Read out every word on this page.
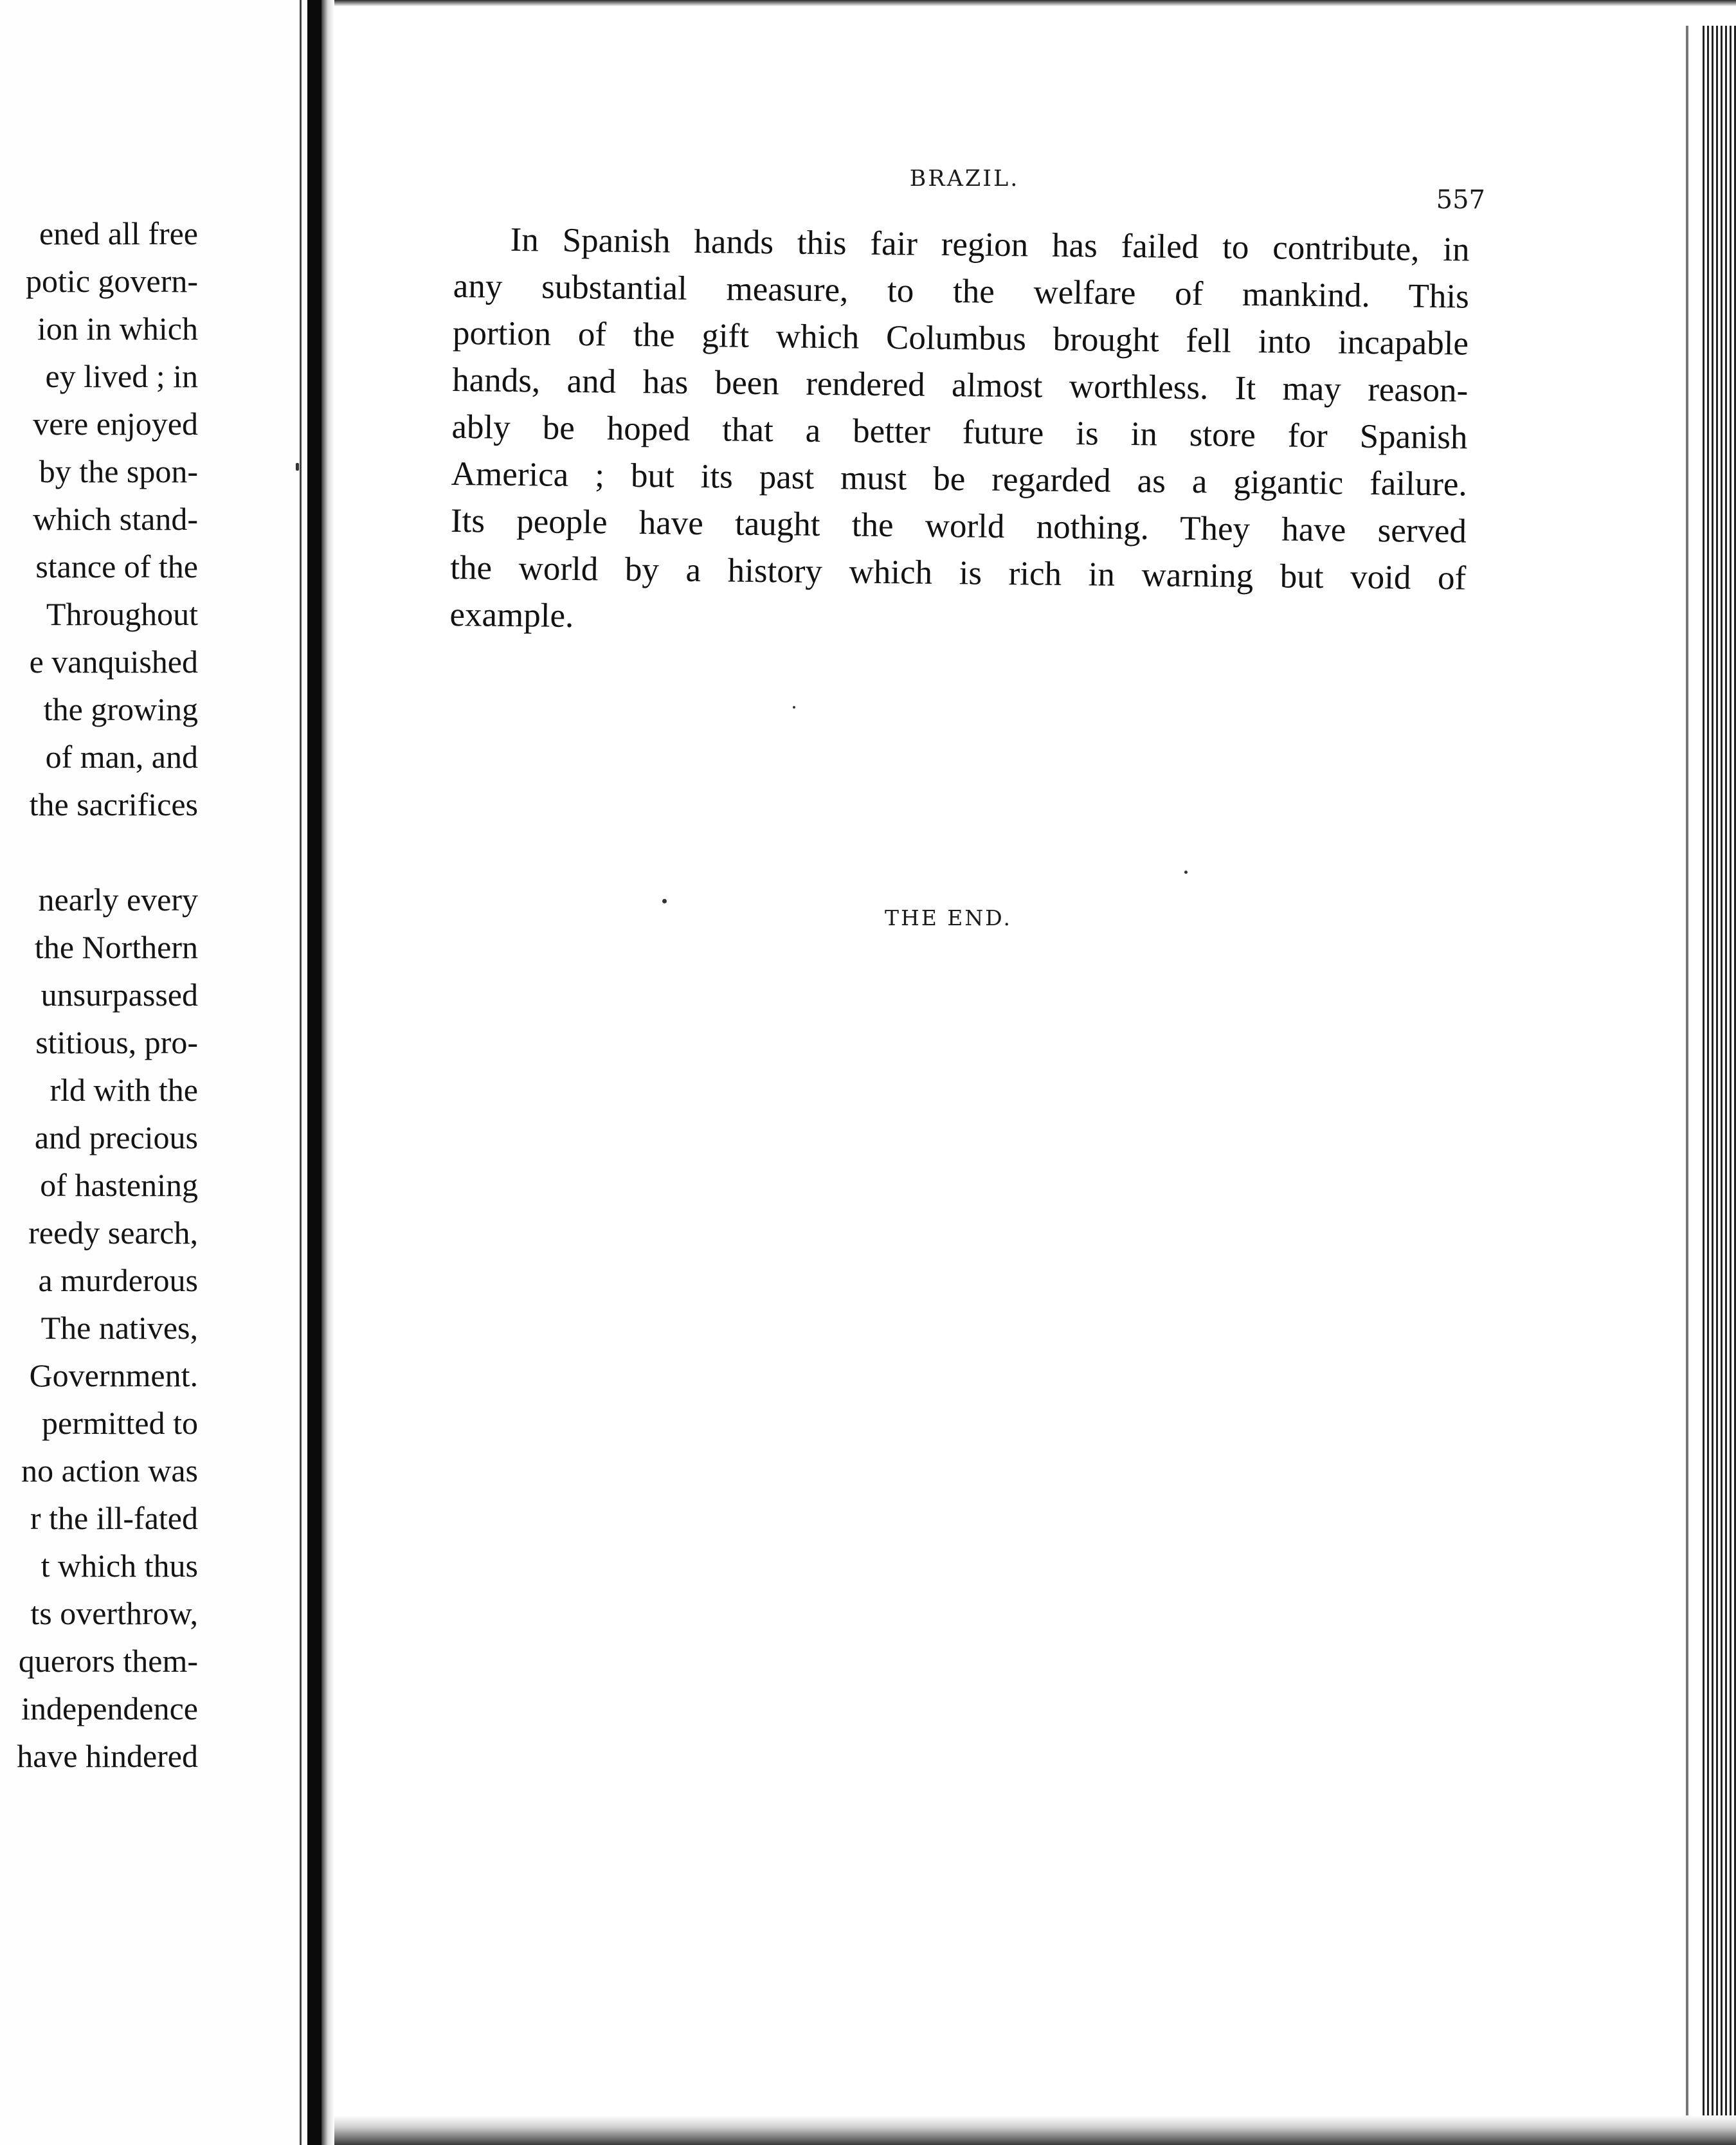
ened all free
potic govern-
ion in which
ey lived ; in
vere enjoyed
by the spon-
which stand-
stance of the
Throughout
e vanquished
the growing
of man, and
the sacrifices
nearly every
the Northern
unsurpassed
stitious, pro-
rld with the
and precious
of hastening
reedy search,
a murderous
The natives,
Government.
permitted to
no action was
r the ill-fated
t which thus
ts overthrow,
querors them-
independence
have hindered
BRAZIL.
557
In Spanish hands this fair region has failed to contribute, in
any substantial measure, to the welfare of mankind. This
portion of the gift which Columbus brought fell into incapable
hands, and has been rendered almost worthless. It may reason-
ably be hoped that a better future is in store for Spanish
America ; but its past must be regarded as a gigantic failure.
Its people have taught the world nothing. They have served
the world by a history which is rich in warning but void of
example.
THE END.
